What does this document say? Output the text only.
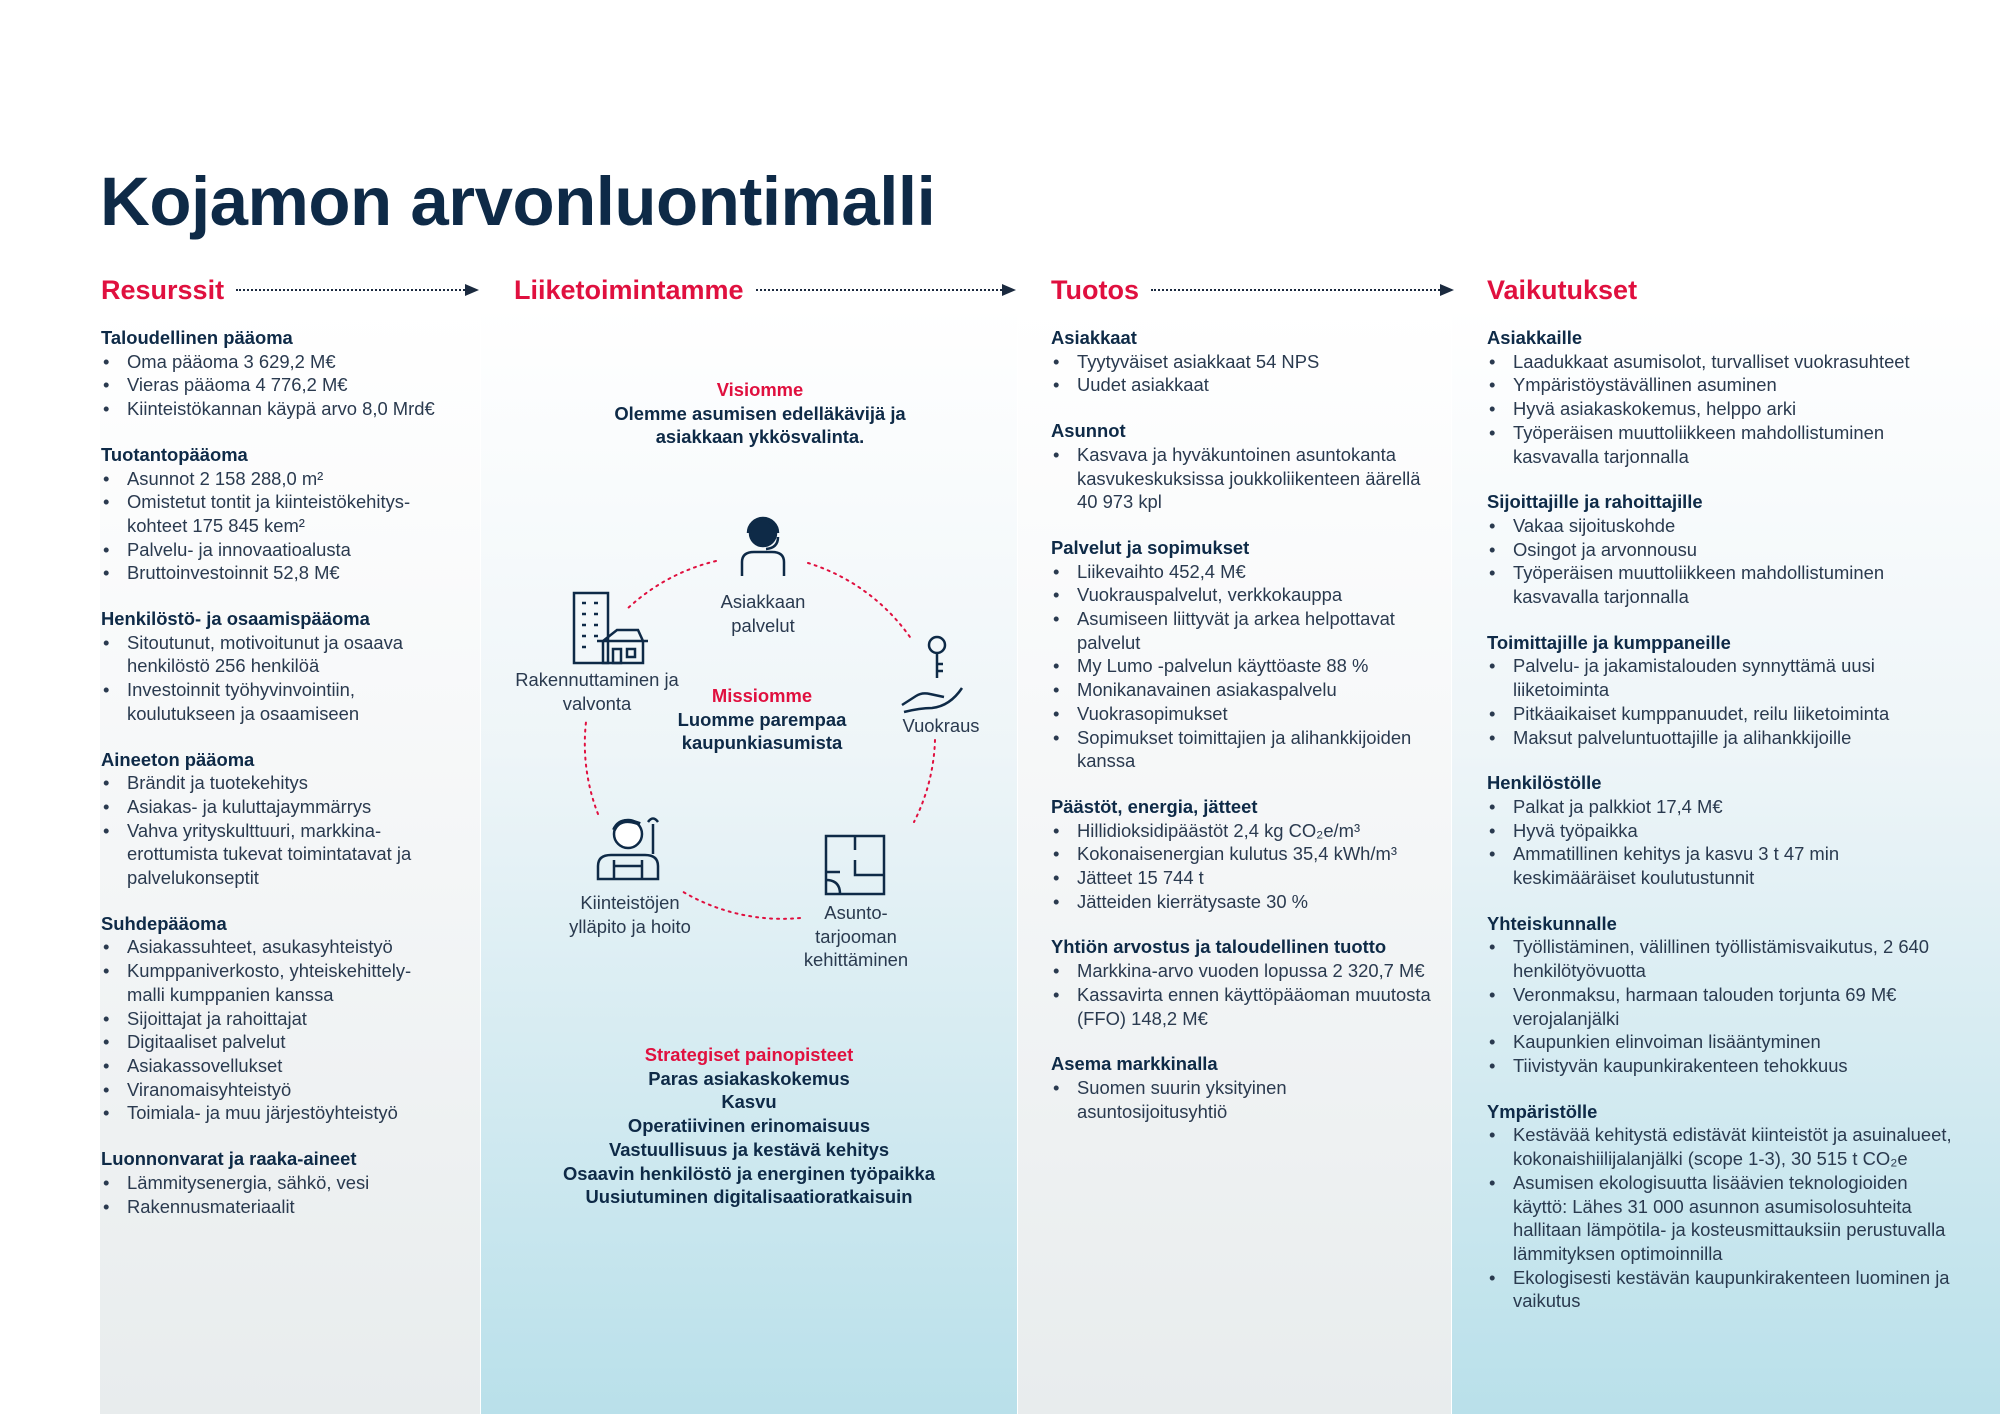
Kojamon arvonluontimalli
Resurssit	Liiketoimintamme	Tuotos	Vaikutukset
Taloudellinen pääoma
• Oma pääoma 3 629,2 M€
• Vieras pääoma 4 776,2 M€
• Kiinteistökannan käypä arvo 8,0 Mrd€
Tuotantopääoma
• Asunnot 2 158 288,0 m²
• Omistetut tontit ja kiinteistökehitys-kohteet 175 845 kem²
• Palvelu- ja innovaatioalusta
• Bruttoinvestoinnit 52,8 M€
Henkilöstö- ja osaamispääoma
• Sitoutunut, motivoitunut ja osaava henkilöstö 256 henkilöä
• Investoinnit työhyvinvointiin, koulutukseen ja osaamiseen
Aineeton pääoma
• Brändit ja tuotekehitys
• Asiakas- ja kuluttajaymmärrys
• Vahva yrityskulttuuri, markkina-erottumista tukevat toimintatavat ja palvelukonseptit
Suhdepääoma
• Asiakassuhteet, asukasyhteistyö
• Kumppaniverkosto, yhteiskehittely-malli kumppanien kanssa
• Sijoittajat ja rahoittajat
• Digitaaliset palvelut
• Asiakassovellukset
• Viranomaisyhteistyö
• Toimiala- ja muu järjestöyhteistyö
Luonnonvarat ja raaka-aineet
• Lämmitysenergia, sähkö, vesi
• Rakennusmateriaalit
Visiomme
Olemme asumisen edelläkävijä ja asiakkaan ykkösvalinta.
Asiakkaan palvelut
Vuokraus
Asunto-tarjooman kehittäminen
Kiinteistöjen ylläpito ja hoito
Rakennuttaminen ja valvonta	Missiomme
Luomme parempaa kaupunkiasumista
Strategiset painopisteet
Paras asiakaskokemus
Kasvu
Operatiivinen erinomaisuus
Vastuullisuus ja kestävä kehitys
Osaavin henkilöstö ja energinen työpaikka
Uusiutuminen digitalisaatioratkaisuin
Asiakkaat
• Tyytyväiset asiakkaat 54 NPS
• Uudet asiakkaat
Asunnot
• Kasvava ja hyväkuntoinen asuntokanta kasvukeskuksissa joukkoliikenteen äärellä 40 973 kpl
Palvelut ja sopimukset
• Liikevaihto 452,4 M€
• Vuokrauspalvelut, verkkokauppa
• Asumiseen liittyvät ja arkea helpottavat palvelut
• My Lumo -palvelun käyttöaste 88 %
• Monikanavainen asiakaspalvelu
• Vuokrasopimukset
• Sopimukset toimittajien ja alihankkijoiden kanssa
Päästöt, energia, jätteet
• Hillidioksidipäästöt 2,4 kg CO₂e/m³
• Kokonaisenergian kulutus 35,4 kWh/m³
• Jätteet 15 744 t
• Jätteiden kierrätysaste 30 %
Yhtiön arvostus ja taloudellinen tuotto
• Markkina-arvo vuoden lopussa 2 320,7 M€
• Kassavirta ennen käyttöpääoman muutosta (FFO) 148,2 M€
Asema markkinalla
• Suomen suurin yksityinen asuntosijoitusyhtiö
Asiakkaille
• Laadukkaat asumisolot, turvalliset vuokrasuhteet
• Ympäristöystävällinen asuminen
• Hyvä asiakaskokemus, helppo arki
• Työperäisen muuttoliikkeen mahdollistuminen kasvavalla tarjonnalla
Sijoittajille ja rahoittajille
• Vakaa sijoituskohde
• Osingot ja arvonnousu
• Työperäisen muuttoliikkeen mahdollistuminen kasvavalla tarjonnalla
Toimittajille ja kumppaneille
• Palvelu- ja jakamistalouden synnyttämä uusi liiketoiminta
• Pitkäaikaiset kumppanuudet, reilu liiketoiminta
• Maksut palveluntuottajille ja alihankkijoille
Henkilöstölle
• Palkat ja palkkiot 17,4 M€
• Hyvä työpaikka
• Ammatillinen kehitys ja kasvu 3 t 47 min keskimääräiset koulutustunnit
Yhteiskunnalle
• Työllistäminen, välillinen työllistämisvaikutus, 2 640 henkilötyövuotta
• Veronmaksu, harmaan talouden torjunta 69 M€ verojalanjälki
• Kaupunkien elinvoiman lisääntyminen
• Tiivistyvän kaupunkirakenteen tehokkuus
Ympäristölle
• Kestävää kehitystä edistävät kiinteistöt ja asuinalueet, kokonaishiilijalanjälki (scope 1-3), 30 515 t CO₂e
• Asumisen ekologisuutta lisäävien teknologioiden käyttö: Lähes 31 000 asunnon asumisolosuhteita hallitaan lämpötila- ja kosteusmittauksiin perustuvalla lämmityksen optimoinnilla
• Ekologisesti kestävän kaupunkirakenteen luominen ja vaikutus
